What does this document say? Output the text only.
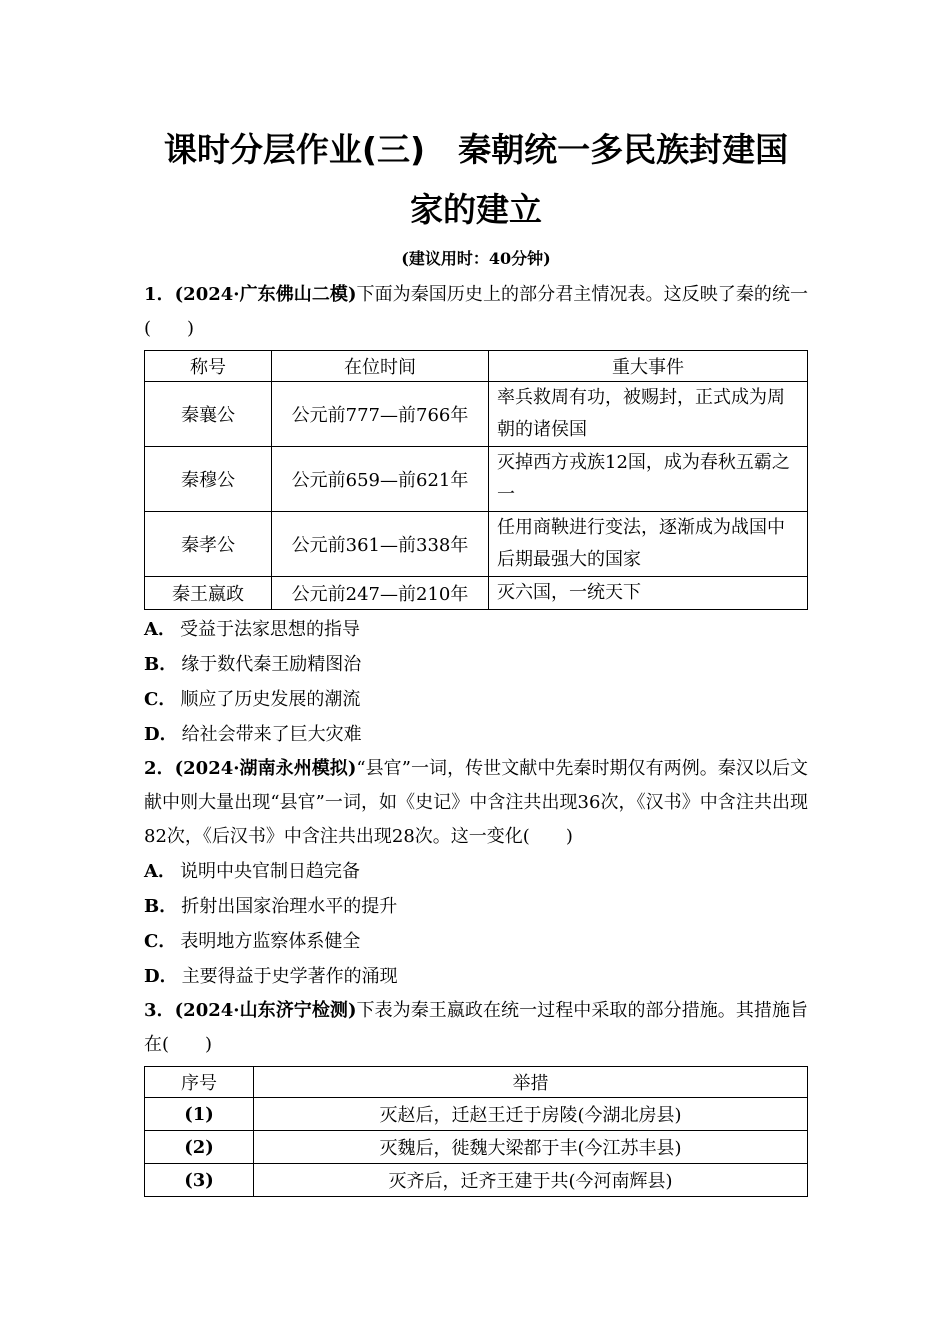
课时分层作业(三)　秦朝统一多民族封建国
家的建立
(建议用时：40分钟)

1．(2024·广东佛山二模)下面为秦国历史上的部分君主情况表。这反映了秦的统一(　　)

称号	在位时间	重大事件
秦襄公	公元前777—前766年	率兵救周有功，被赐封，正式成为周朝的诸侯国
秦穆公	公元前659—前621年	灭掉西方戎族12国，成为春秋五霸之一
秦孝公	公元前361—前338年	任用商鞅进行变法，逐渐成为战国中后期最强大的国家
秦王嬴政	公元前247—前210年	灭六国，一统天下

A． 受益于法家思想的指导

B． 缘于数代秦王励精图治

C． 顺应了历史发展的潮流

D． 给社会带来了巨大灾难

2．(2024·湖南永州模拟)“县官”一词，传世文献中先秦时期仅有两例。秦汉以后文献中则大量出现“县官”一词，如《史记》中含注共出现36次，《汉书》中含注共出现82次，《后汉书》中含注共出现28次。这一变化(　　)

A． 说明中央官制日趋完备

B． 折射出国家治理水平的提升

C． 表明地方监察体系健全

D． 主要得益于史学著作的涌现

3．(2024·山东济宁检测)下表为秦王嬴政在统一过程中采取的部分措施。其措施旨在(　　)

序号	举措
(1)	灭赵后，迁赵王迁于房陵(今湖北房县)
(2)	灭魏后，徙魏大梁都于丰(今江苏丰县)
(3)	灭齐后，迁齐王建于共(今河南辉县)
